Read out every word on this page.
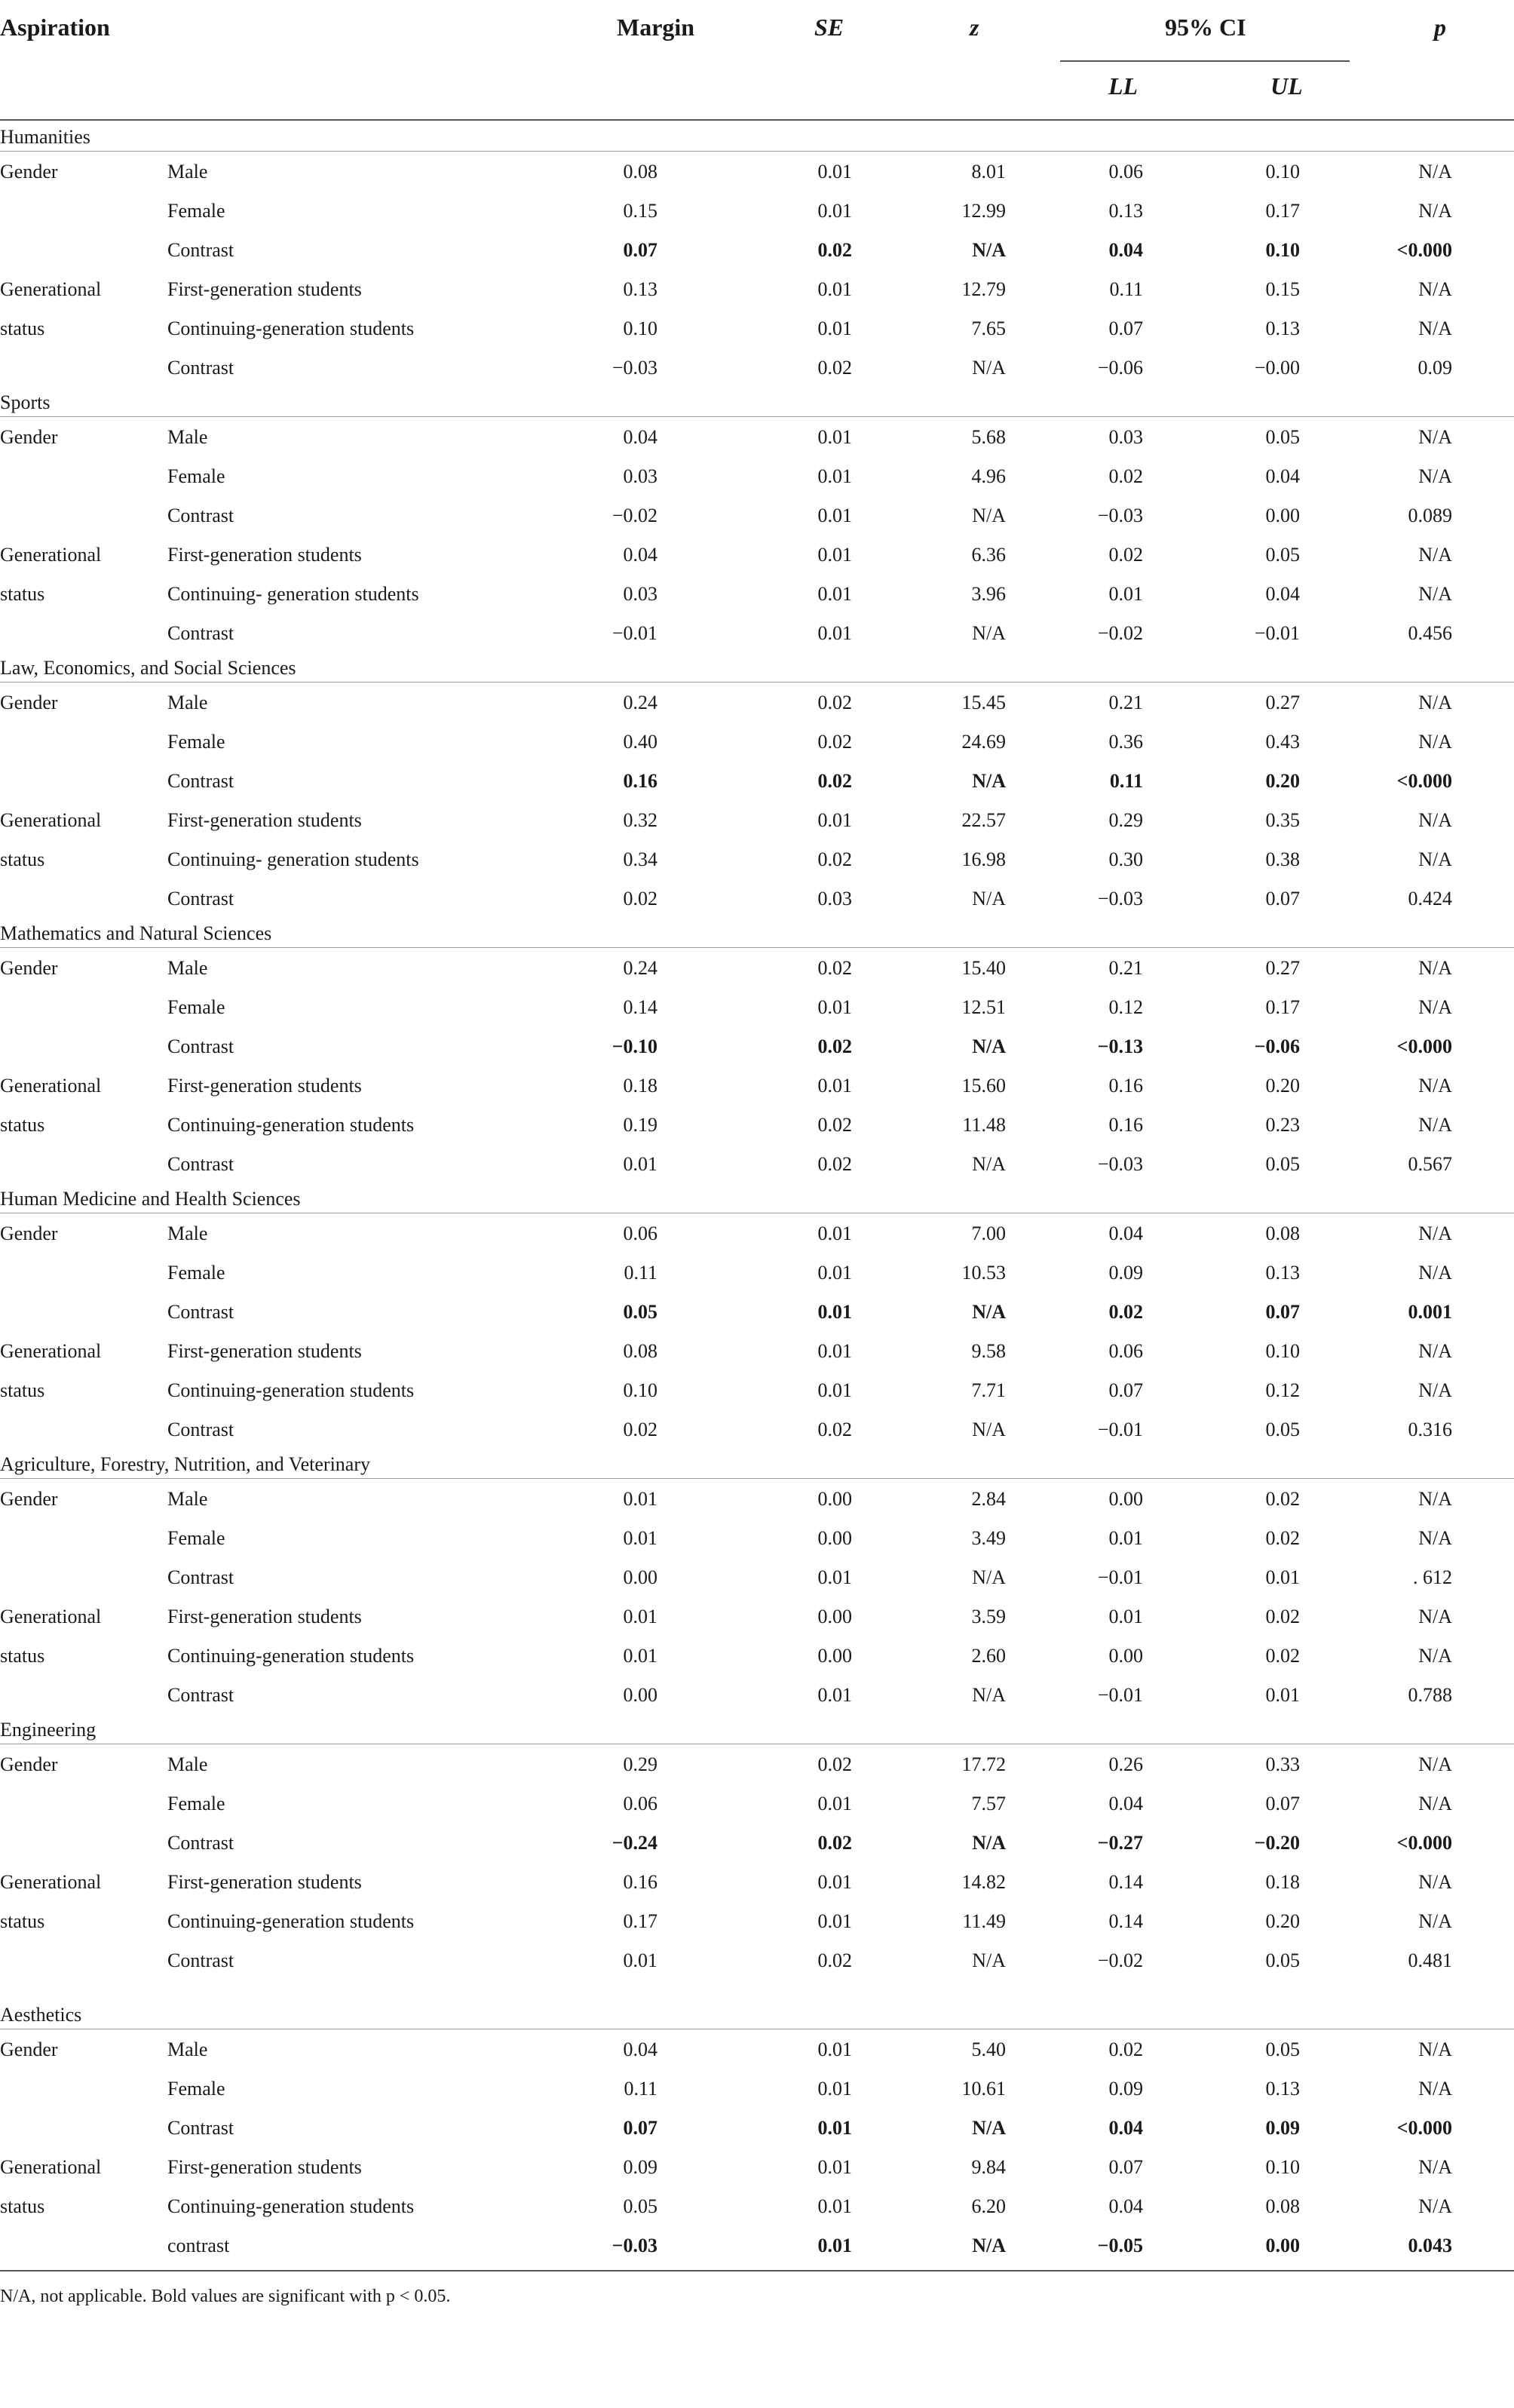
Aspiration	Margin	SE	z	95% CI	p
LL	UL
Humanities
Gender	Male	0.08	0.01	8.01	0.06	0.10	N/A
Female	0.15	0.01	12.99	0.13	0.17	N/A
Contrast	0.07	0.02	N/A	0.04	0.10	<0.000
Generational	First-generation students	0.13	0.01	12.79	0.11	0.15	N/A
status	Continuing-generation students	0.10	0.01	7.65	0.07	0.13	N/A
Contrast	−0.03	0.02	N/A	−0.06	−0.00	0.09
Sports
Gender	Male	0.04	0.01	5.68	0.03	0.05	N/A
Female	0.03	0.01	4.96	0.02	0.04	N/A
Contrast	−0.02	0.01	N/A	−0.03	0.00	0.089
Generational	First-generation students	0.04	0.01	6.36	0.02	0.05	N/A
status	Continuing- generation students	0.03	0.01	3.96	0.01	0.04	N/A
Contrast	−0.01	0.01	N/A	−0.02	−0.01	0.456
Law, Economics, and Social Sciences
Gender	Male	0.24	0.02	15.45	0.21	0.27	N/A
Female	0.40	0.02	24.69	0.36	0.43	N/A
Contrast	0.16	0.02	N/A	0.11	0.20	<0.000
Generational	First-generation students	0.32	0.01	22.57	0.29	0.35	N/A
status	Continuing- generation students	0.34	0.02	16.98	0.30	0.38	N/A
Contrast	0.02	0.03	N/A	−0.03	0.07	0.424
Mathematics and Natural Sciences
Gender	Male	0.24	0.02	15.40	0.21	0.27	N/A
Female	0.14	0.01	12.51	0.12	0.17	N/A
Contrast	−0.10	0.02	N/A	−0.13	−0.06	<0.000
Generational	First-generation students	0.18	0.01	15.60	0.16	0.20	N/A
status	Continuing-generation students	0.19	0.02	11.48	0.16	0.23	N/A
Contrast	0.01	0.02	N/A	−0.03	0.05	0.567
Human Medicine and Health Sciences
Gender	Male	0.06	0.01	7.00	0.04	0.08	N/A
Female	0.11	0.01	10.53	0.09	0.13	N/A
Contrast	0.05	0.01	N/A	0.02	0.07	0.001
Generational	First-generation students	0.08	0.01	9.58	0.06	0.10	N/A
status	Continuing-generation students	0.10	0.01	7.71	0.07	0.12	N/A
Contrast	0.02	0.02	N/A	−0.01	0.05	0.316
Agriculture, Forestry, Nutrition, and Veterinary
Gender	Male	0.01	0.00	2.84	0.00	0.02	N/A
Female	0.01	0.00	3.49	0.01	0.02	N/A
Contrast	0.00	0.01	N/A	−0.01	0.01	. 612
Generational	First-generation students	0.01	0.00	3.59	0.01	0.02	N/A
status	Continuing-generation students	0.01	0.00	2.60	0.00	0.02	N/A
Contrast	0.00	0.01	N/A	−0.01	0.01	0.788
Engineering
Gender	Male	0.29	0.02	17.72	0.26	0.33	N/A
Female	0.06	0.01	7.57	0.04	0.07	N/A
Contrast	−0.24	0.02	N/A	−0.27	−0.20	<0.000
Generational	First-generation students	0.16	0.01	14.82	0.14	0.18	N/A
status	Continuing-generation students	0.17	0.01	11.49	0.14	0.20	N/A
Contrast	0.01	0.02	N/A	−0.02	0.05	0.481
Aesthetics
Gender	Male	0.04	0.01	5.40	0.02	0.05	N/A
Female	0.11	0.01	10.61	0.09	0.13	N/A
Contrast	0.07	0.01	N/A	0.04	0.09	<0.000
Generational	First-generation students	0.09	0.01	9.84	0.07	0.10	N/A
status	Continuing-generation students	0.05	0.01	6.20	0.04	0.08	N/A
contrast	−0.03	0.01	N/A	−0.05	0.00	0.043
N/A, not applicable. Bold values are significant with p < 0.05.
